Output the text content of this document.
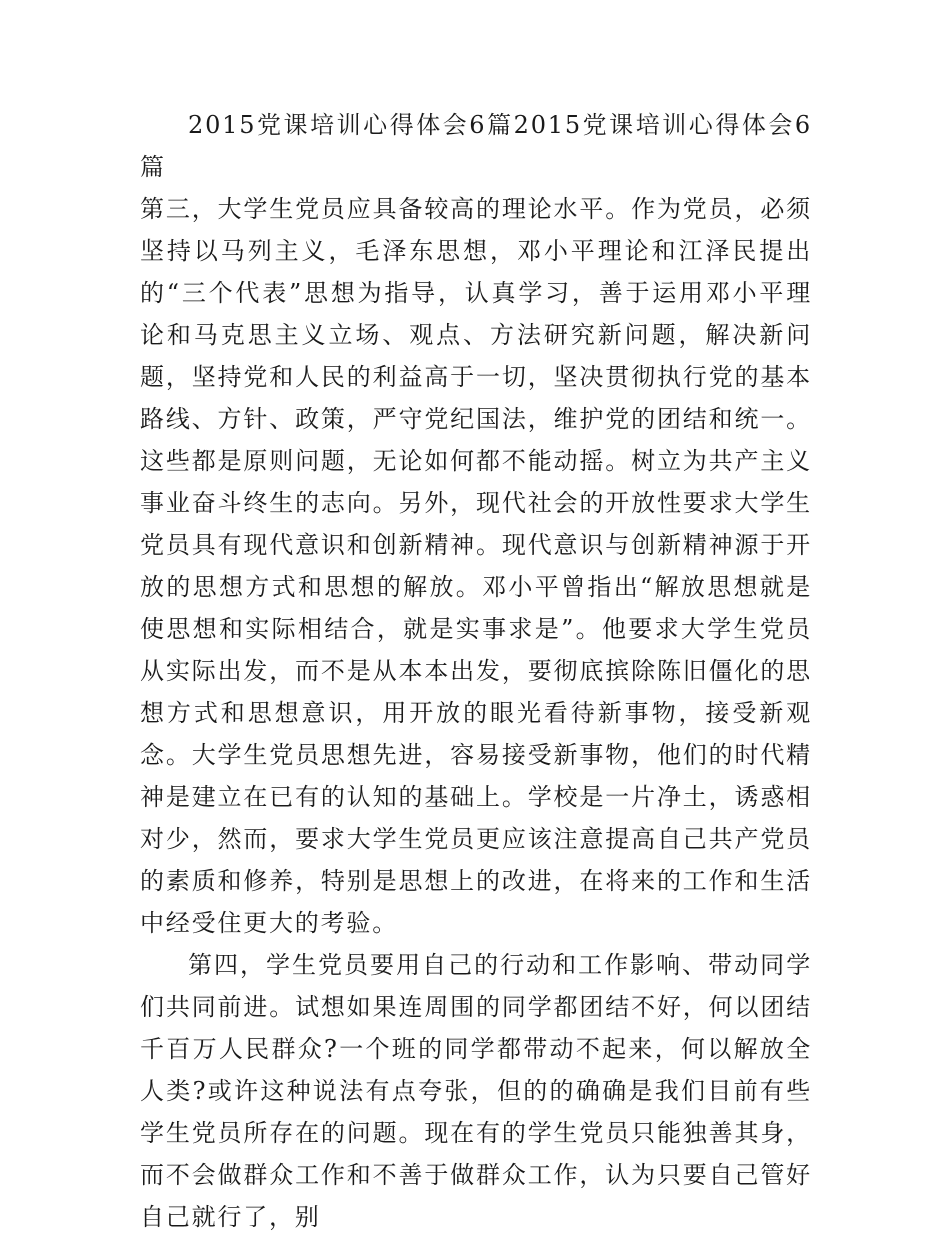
2015党课培训心得体会6篇2015党课培训心得体会6篇

第三，大学生党员应具备较高的理论水平。作为党员，必须坚持以马列主义，毛泽东思想，邓小平理论和江泽民提出的“三个代表”思想为指导，认真学习，善于运用邓小平理论和马克思主义立场、观点、方法研究新问题，解决新问题，坚持党和人民的利益高于一切，坚决贯彻执行党的基本路线、方针、政策，严守党纪国法，维护党的团结和统一。这些都是原则问题，无论如何都不能动摇。树立为共产主义事业奋斗终生的志向。另外，现代社会的开放性要求大学生党员具有现代意识和创新精神。现代意识与创新精神源于开放的思想方式和思想的解放。邓小平曾指出“解放思想就是使思想和实际相结合，就是实事求是”。他要求大学生党员从实际出发，而不是从本本出发，要彻底摈除陈旧僵化的思想方式和思想意识，用开放的眼光看待新事物，接受新观念。大学生党员思想先进，容易接受新事物，他们的时代精神是建立在已有的认知的基础上。学校是一片净土，诱惑相对少，然而，要求大学生党员更应该注意提高自己共产党员的素质和修养，特别是思想上的改进，在将来的工作和生活中经受住更大的考验。

第四，学生党员要用自己的行动和工作影响、带动同学们共同前进。试想如果连周围的同学都团结不好，何以团结千百万人民群众?一个班的同学都带动不起来，何以解放全人类?或许这种说法有点夸张，但的的确确是我们目前有些学生党员所存在的问题。现在有的学生党员只能独善其身，而不会做群众工作和不善于做群众工作，认为只要自己管好自己就行了，别
